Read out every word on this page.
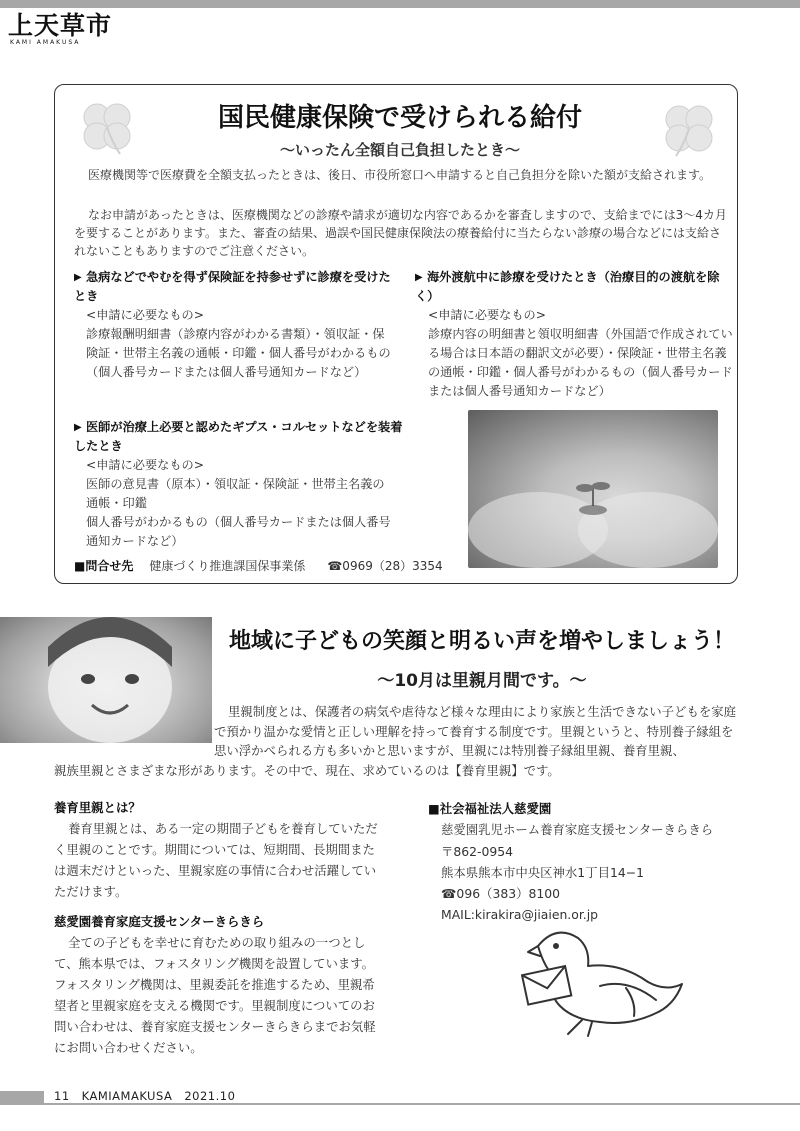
上天草市
KAMI AMAKUSA
国民健康保険で受けられる給付
〜いったん全額自己負担したとき〜
医療機関等で医療費を全額支払ったときは、後日、市役所窓口へ申請すると自己負担分を除いた額が支給されます。
なお申請があったときは、医療機関などの診療や請求が適切な内容であるかを審査しますので、支給までには3〜4カ月を要することがあります。また、審査の結果、過誤や国民健康保険法の療養給付に当たらない診療の場合などには支給されないこともありますのでご注意ください。
▶ 急病などでやむを得ず保険証を持参せずに診療を受けたとき
<申請に必要なもの>
診療報酬明細書（診療内容がわかる書類）・領収証・保険証・世帯主名義の通帳・印鑑・個人番号がわかるもの（個人番号カードまたは個人番号通知カードなど）
▶ 海外渡航中に診療を受けたとき（治療目的の渡航を除く）
<申請に必要なもの>
診療内容の明細書と領収明細書（外国語で作成されている場合は日本語の翻訳文が必要）・保険証・世帯主名義の通帳・印鑑・個人番号がわかるもの（個人番号カードまたは個人番号通知カードなど）
▶ 医師が治療上必要と認めたギプス・コルセットなどを装着したとき
<申請に必要なもの>
医師の意見書（原本）・領収証・保険証・世帯主名義の通帳・印鑑
個人番号がわかるもの（個人番号カードまたは個人番号通知カードなど）
■問合せ先 健康づくり推進課国保事業係 ☎0969（28）3354
地域に子どもの笑顔と明るい声を増やしましょう！
〜10月は里親月間です。〜
里親制度とは、保護者の病気や虐待など様々な理由により家族と生活できない子どもを家庭で預かり温かな愛情と正しい理解を持って養育する制度です。里親というと、特別養子縁組を思い浮かべられる方も多いかと思いますが、里親には特別養子縁組里親、養育里親、
親族里親とさまざまな形があります。その中で、現在、求めているのは【養育里親】です。
養育里親とは？
養育里親とは、ある一定の期間子どもを養育していただく里親のことです。期間については、短期間、長期間または週末だけといった、里親家庭の事情に合わせ活躍していただけます。
慈愛園養育家庭支援センターきらきら
全ての子どもを幸せに育むための取り組みの一つとして、熊本県では、フォスタリング機関を設置しています。フォスタリング機関は、里親委託を推進するため、里親希望者と里親家庭を支える機関です。里親制度についてのお問い合わせは、養育家庭支援センターきらきらまでお気軽にお問い合わせください。
■社会福祉法人慈愛園
慈愛園乳児ホーム養育家庭支援センターきらきら
〒862-0954
熊本県熊本市中央区神水1丁目14−1
☎096（383）8100
MAIL:kirakira@jiaien.or.jp
11 KAMIAMAKUSA 2021.10
